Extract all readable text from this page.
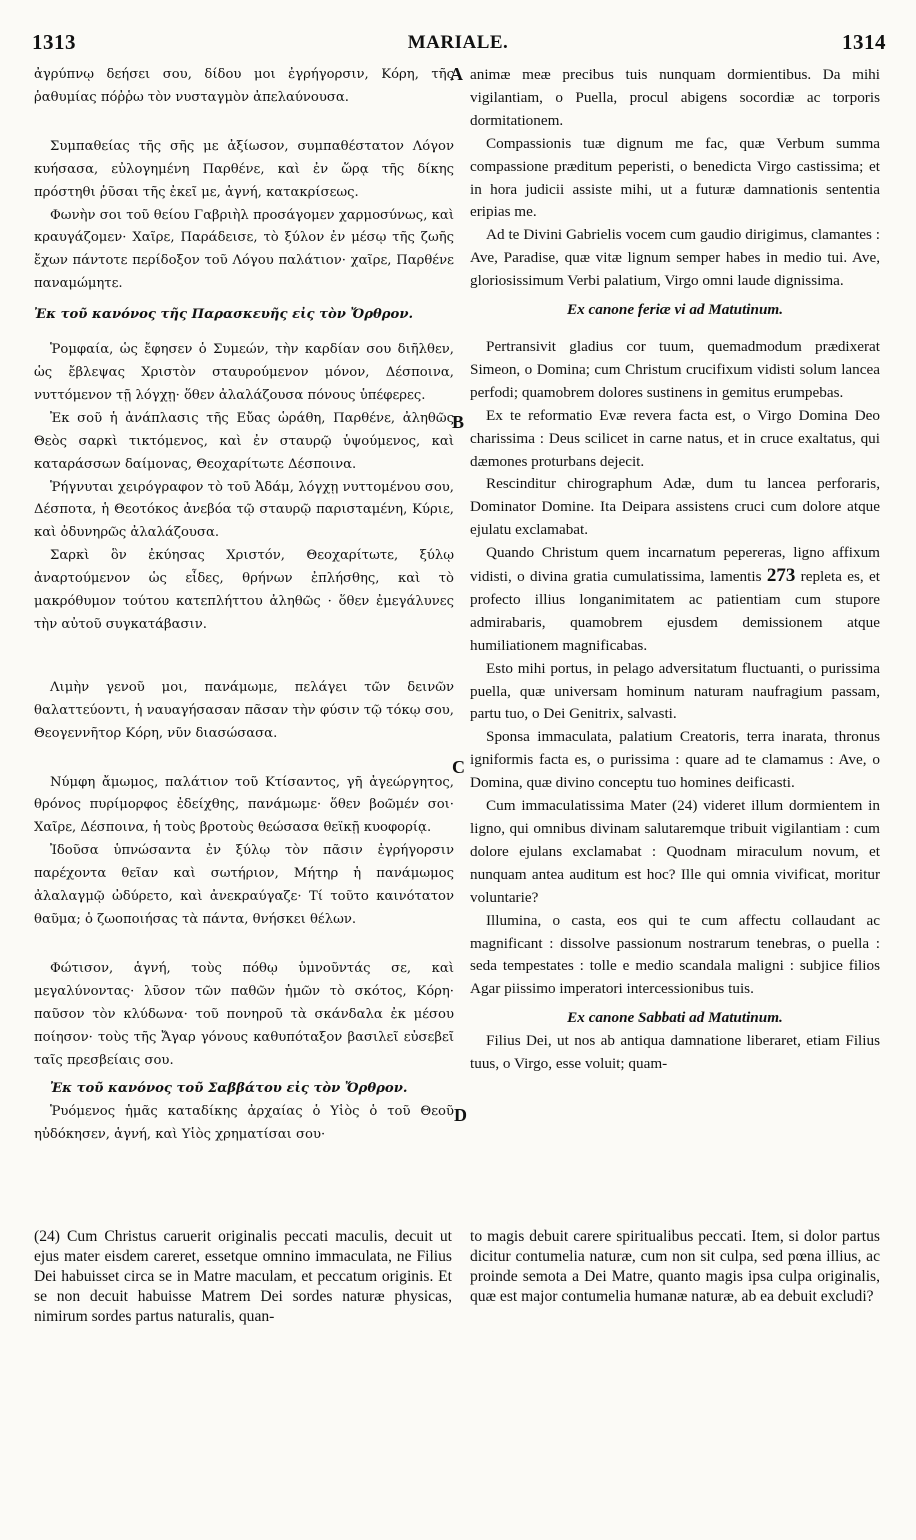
1313	MARIALE.	1314
A
B
C
D

ἀγρύπνῳ δεήσει σου, δίδου μοι ἐγρήγορσιν, Κόρη, τῆς ῥαθυμίας πόῤῥω τὸν νυσταγμὸν ἀπελαύνουσα.

Συμπαθείας τῆς σῆς με ἀξίωσον, συμπαθέστατον Λόγον κυήσασα, εὐλογημένη Παρθένε, καὶ ἐν ὥρᾳ τῆς δίκης πρόστηθι ῥῦσαι τῆς ἐκεῖ με, ἁγνή, κατακρίσεως.

Φωνὴν σοι τοῦ θείου Γαβριὴλ προσάγομεν χαρμοσύνως, καὶ κραυγάζομεν· Χαῖρε, Παράδεισε, τὸ ξύλον ἐν μέσῳ τῆς ζωῆς ἔχων πάντοτε περίδοξον τοῦ Λόγου παλάτιον· χαῖρε, Παρθένε παναμώμητε.

Ἐκ τοῦ κανόνος τῆς Παρασκευῆς εἰς τὸν Ὄρθρον.

Ῥομφαία, ὡς ἔφησεν ὁ Συμεών, τὴν καρδίαν σου διῆλθεν, ὡς ἔβλεψας Χριστὸν σταυρούμενον μόνον, Δέσποινα, νυττόμενον τῇ λόγχῃ· ὅθεν ἀλαλάζουσα πόνους ὑπέφερες.

Ἐκ σοῦ ἡ ἀνάπλασις τῆς Εὔας ὡράθη, Παρθένε, ἀληθῶς Θεὸς σαρκὶ τικτόμενος, καὶ ἐν σταυρῷ ὑψούμενος, καὶ καταράσσων δαίμονας, Θεοχαρίτωτε Δέσποινα.

Ῥήγνυται χειρόγραφον τὸ τοῦ Ἀδάμ, λόγχῃ νυττομένου σου, Δέσποτα, ἡ Θεοτόκος ἀνεβόα τῷ σταυρῷ παρισταμένη, Κύριε, καὶ ὀδυνηρῶς ἀλαλάζουσα.

Σαρκὶ ὃν ἐκύησας Χριστόν, Θεοχαρίτωτε, ξύλῳ ἀναρτούμενον ὡς εἶδες, θρήνων ἐπλήσθης, καὶ τὸ μακρόθυμον τούτου κατεπλήττου ἀληθῶς · ὅθεν ἐμεγάλυνες τὴν αὐτοῦ συγκατάβασιν.

Λιμὴν γενοῦ μοι, πανάμωμε, πελάγει τῶν δεινῶν θαλαττεύοντι, ἡ ναυαγήσασαν πᾶσαν τὴν φύσιν τῷ τόκῳ σου, Θεογεννῆτορ Κόρη, νῦν διασώσασα.

Νύμφη ἄμωμος, παλάτιον τοῦ Κτίσαντος, γῆ ἀγεώργητος, θρόνος πυρίμορφος ἐδείχθης, πανάμωμε· ὅθεν βοῶμέν σοι· Χαῖρε, Δέσποινα, ἡ τοὺς βροτοὺς θεώσασα θεϊκῇ κυοφορίᾳ.

Ἰδοῦσα ὑπνώσαντα ἐν ξύλῳ τὸν πᾶσιν ἐγρήγορσιν παρέχοντα θεῖαν καὶ σωτήριον, Μήτηρ ἡ πανάμωμος ἀλαλαγμῷ ὠδύρετο, καὶ ἀνεκραύγαζε· Τί τοῦτο καινότατον θαῦμα; ὁ ζωοποιήσας τὰ πάντα, θνήσκει θέλων.

Φώτισον, ἁγνή, τοὺς πόθῳ ὑμνοῦντάς σε, καὶ μεγαλύνοντας· λῦσον τῶν παθῶν ἡμῶν τὸ σκότος, Κόρη· παῦσον τὸν κλύδωνα· τοῦ πονηροῦ τὰ σκάνδαλα ἐκ μέσου ποίησον· τοὺς τῆς Ἄγαρ γόνους καθυπόταξον βασιλεῖ εὐσεβεῖ ταῖς πρεσβείαις σου.

Ἐκ τοῦ κανόνος τοῦ Σαββάτου εἰς τὸν Ὄρθρον.

Ῥυόμενος ἡμᾶς καταδίκης ἀρχαίας ὁ Υἱὸς ὁ τοῦ Θεοῦ ηὐδόκησεν, ἁγνή, καὶ Υἱὸς χρηματίσαι σου·

animæ meæ precibus tuis nunquam dormientibus. Da mihi vigilantiam, o Puella, procul abigens socordiæ ac torporis dormitationem.

Compassionis tuæ dignum me fac, quæ Verbum summa compassione præditum peperisti, o benedicta Virgo castissima; et in hora judicii assiste mihi, ut a futuræ damnationis sententia eripias me.

Ad te Divini Gabrielis vocem cum gaudio dirigimus, clamantes : Ave, Paradise, quæ vitæ lignum semper habes in medio tui. Ave, gloriosissimum Verbi palatium, Virgo omni laude dignissima.

Ex canone feriæ vi ad Matutinum.

Pertransivit gladius cor tuum, quemadmodum prædixerat Simeon, o Domina; cum Christum crucifixum vidisti solum lancea perfodi; quamobrem dolores sustinens in gemitus erumpebas.

Ex te reformatio Evæ revera facta est, o Virgo Domina Deo charissima : Deus scilicet in carne natus, et in cruce exaltatus, qui dæmones proturbans dejecit.

Rescinditur chirographum Adæ, dum tu lancea perforaris, Dominator Domine. Ita Deipara assistens cruci cum dolore atque ejulatu exclamabat.

Quando Christum quem incarnatum pepereras, ligno affixum vidisti, o divina gratia cumulatissima, lamentis 273 repleta es, et profecto illius longanimitatem ac patientiam cum stupore admirabaris, quamobrem ejusdem demissionem atque humiliationem magnificabas.

Esto mihi portus, in pelago adversitatum fluctuanti, o purissima puella, quæ universam hominum naturam naufragium passam, partu tuo, o Dei Genitrix, salvasti.

Sponsa immaculata, palatium Creatoris, terra inarata, thronus igniformis facta es, o purissima : quare ad te clamamus : Ave, o Domina, quæ divino conceptu tuo homines deificasti.

Cum immaculatissima Mater (24) videret illum dormientem in ligno, qui omnibus divinam salutaremque tribuit vigilantiam : cum dolore ejulans exclamabat : Quodnam miraculum novum, et nunquam antea auditum est hoc? Ille qui omnia vivificat, moritur voluntarie?

Illumina, o casta, eos qui te cum affectu collaudant ac magnificant : dissolve passionum nostrarum tenebras, o puella : seda tempestates : tolle e medio scandala maligni : subjice filios Agar piissimo imperatori intercessionibus tuis.

Ex canone Sabbati ad Matutinum.

Filius Dei, ut nos ab antiqua damnatione liberaret, etiam Filius tuus, o Virgo, esse voluit; quam-

(24) Cum Christus caruerit originalis peccati maculis, decuit ut ejus mater eisdem careret, essetque omnino immaculata, ne Filius Dei habuisset circa se in Matre maculam, et peccatum originis. Et se non decuit habuisse Matrem Dei sordes naturæ physicas, nimirum sordes partus naturalis, quan-
to magis debuit carere spiritualibus peccati. Item, si dolor partus dicitur contumelia naturæ, cum non sit culpa, sed pœna illius, ac proinde semota a Dei Matre, quanto magis ipsa culpa originalis, quæ est major contumelia humanæ naturæ, ab ea debuit excludi?
